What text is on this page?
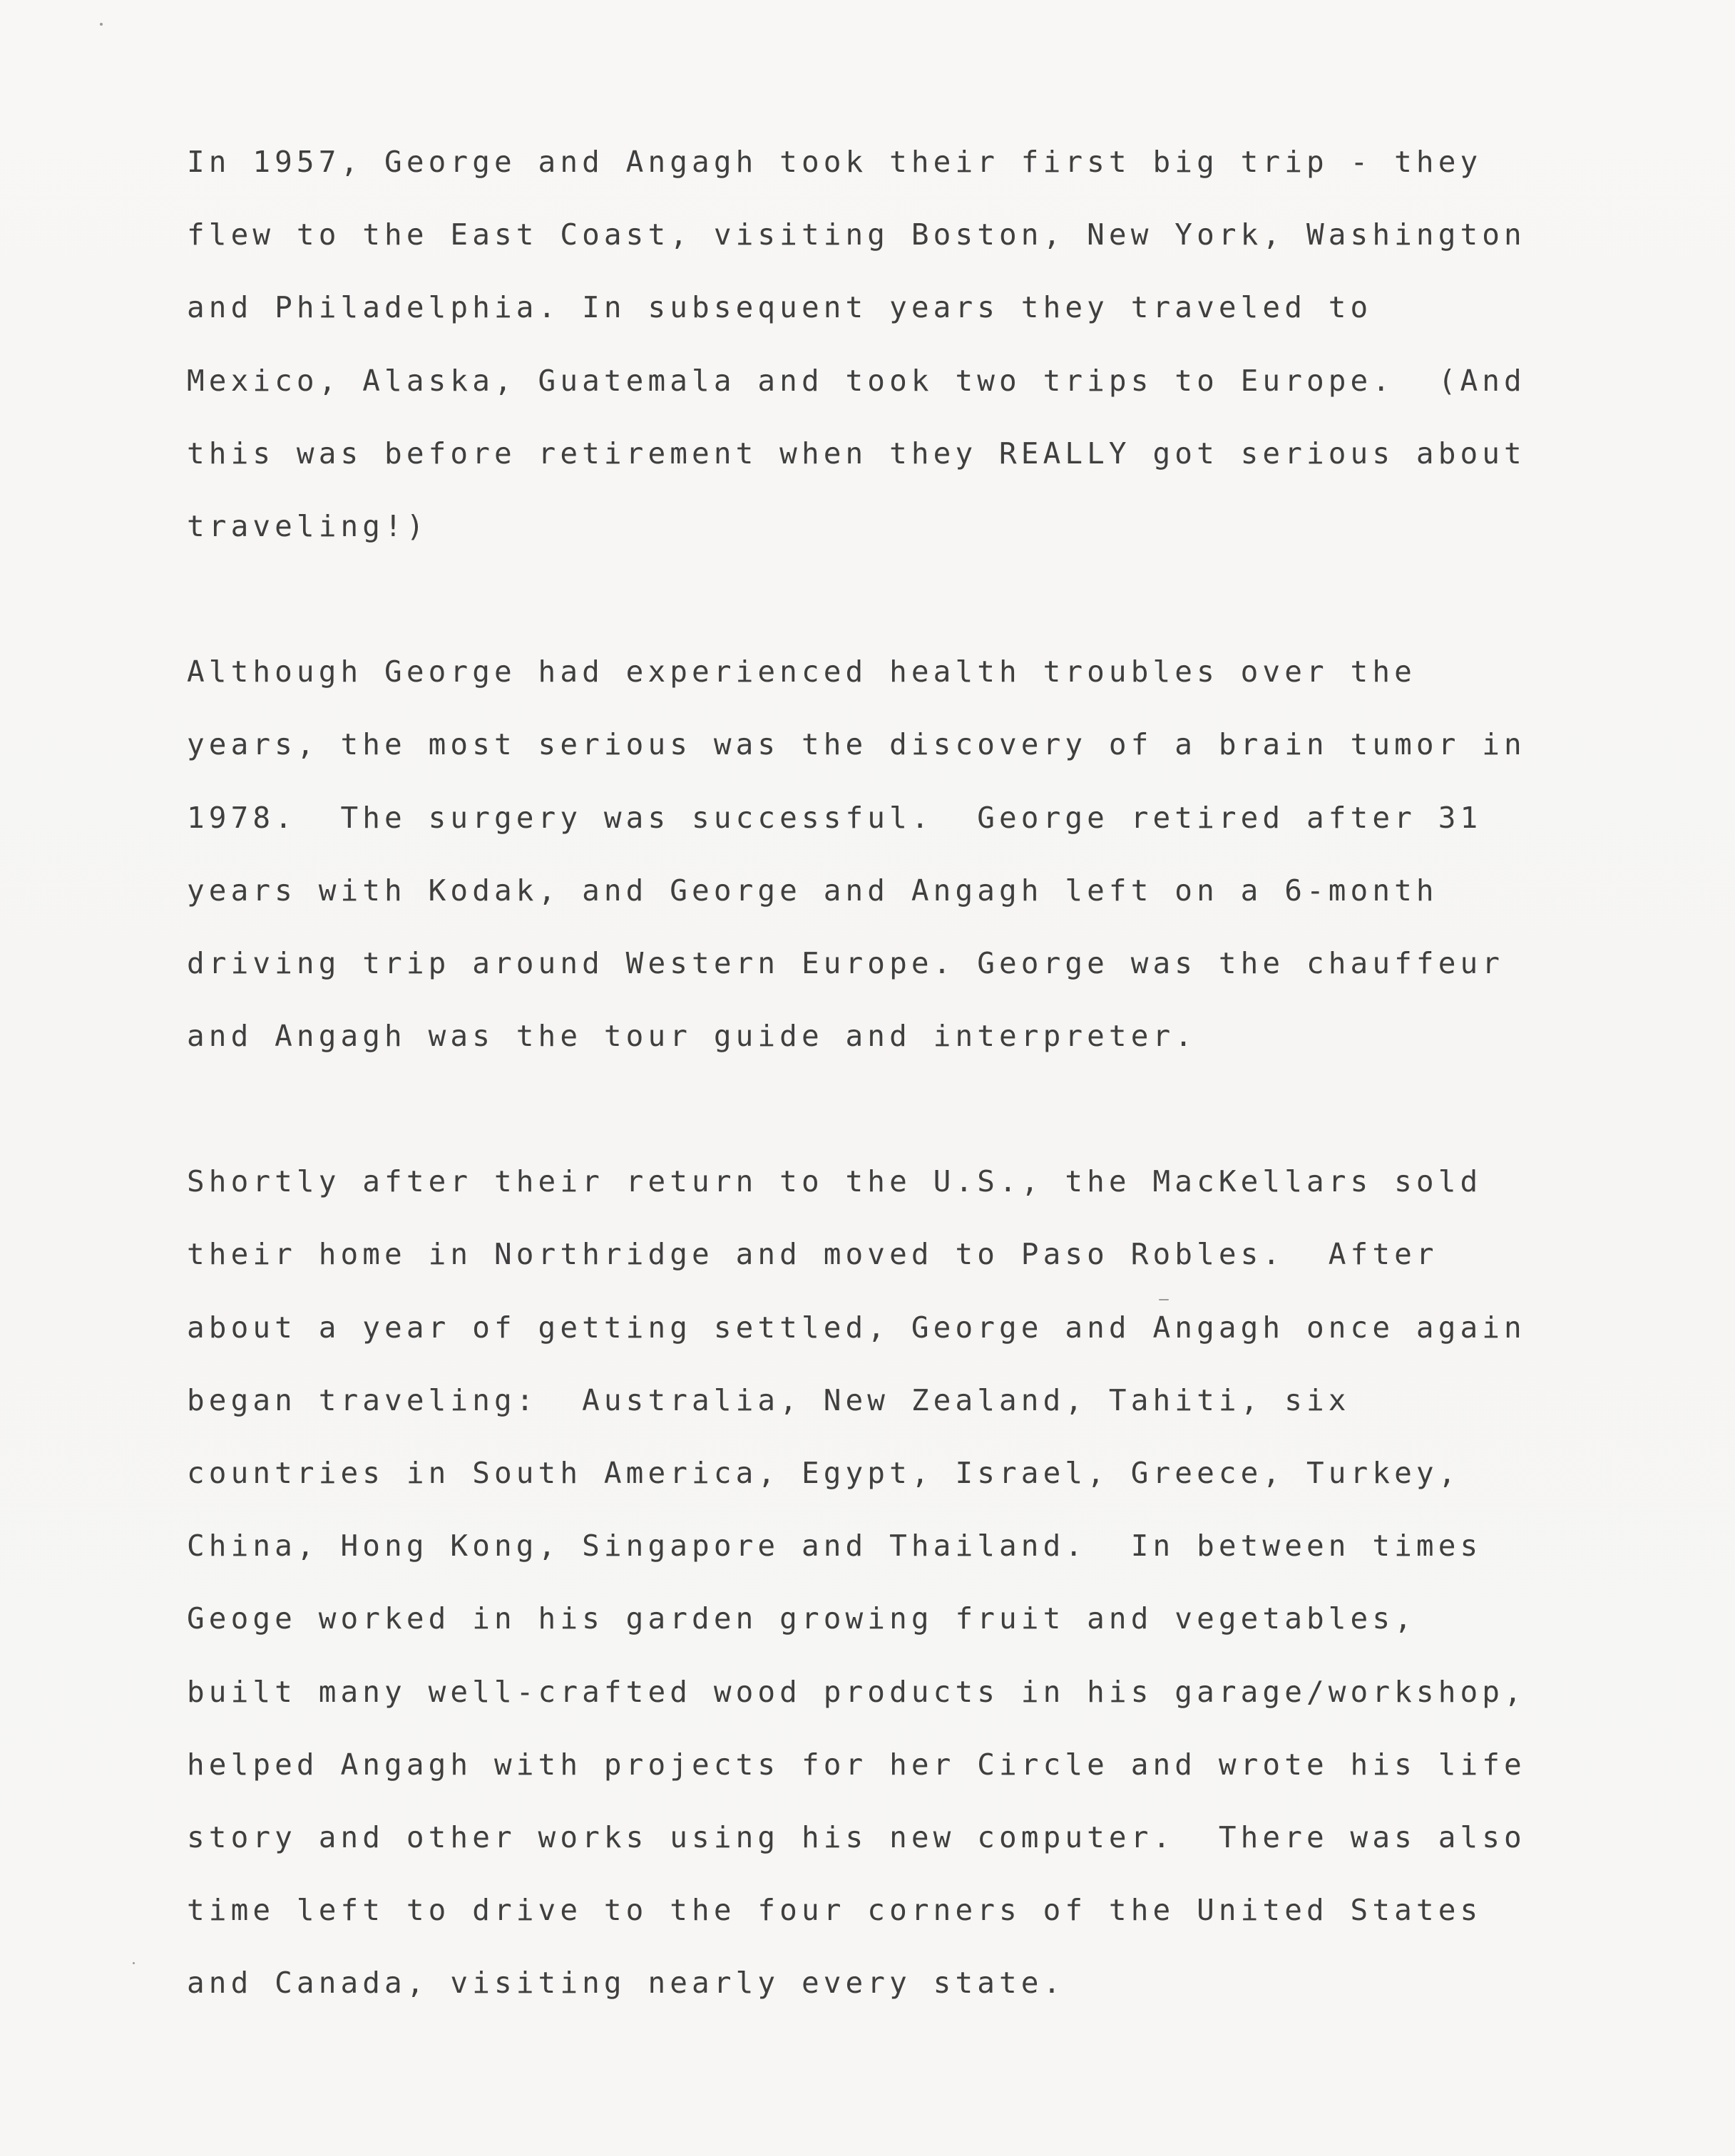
In 1957, George and Angagh took their first big trip - they
flew to the East Coast, visiting Boston, New York, Washington
and Philadelphia. In subsequent years they traveled to
Mexico, Alaska, Guatemala and took two trips to Europe.  (And
this was before retirement when they REALLY got serious about
traveling!)

Although George had experienced health troubles over the
years, the most serious was the discovery of a brain tumor in
1978.  The surgery was successful.  George retired after 31
years with Kodak, and George and Angagh left on a 6-month
driving trip around Western Europe. George was the chauffeur
and Angagh was the tour guide and interpreter.

Shortly after their return to the U.S., the MacKellars sold
their home in Northridge and moved to Paso Robles.  After
about a year of getting settled, George and Angagh once again
began traveling:  Australia, New Zealand, Tahiti, six
countries in South America, Egypt, Israel, Greece, Turkey,
China, Hong Kong, Singapore and Thailand.  In between times
Geoge worked in his garden growing fruit and vegetables,
built many well-crafted wood products in his garage/workshop,
helped Angagh with projects for her Circle and wrote his life
story and other works using his new computer.  There was also
time left to drive to the four corners of the United States
and Canada, visiting nearly every state.
